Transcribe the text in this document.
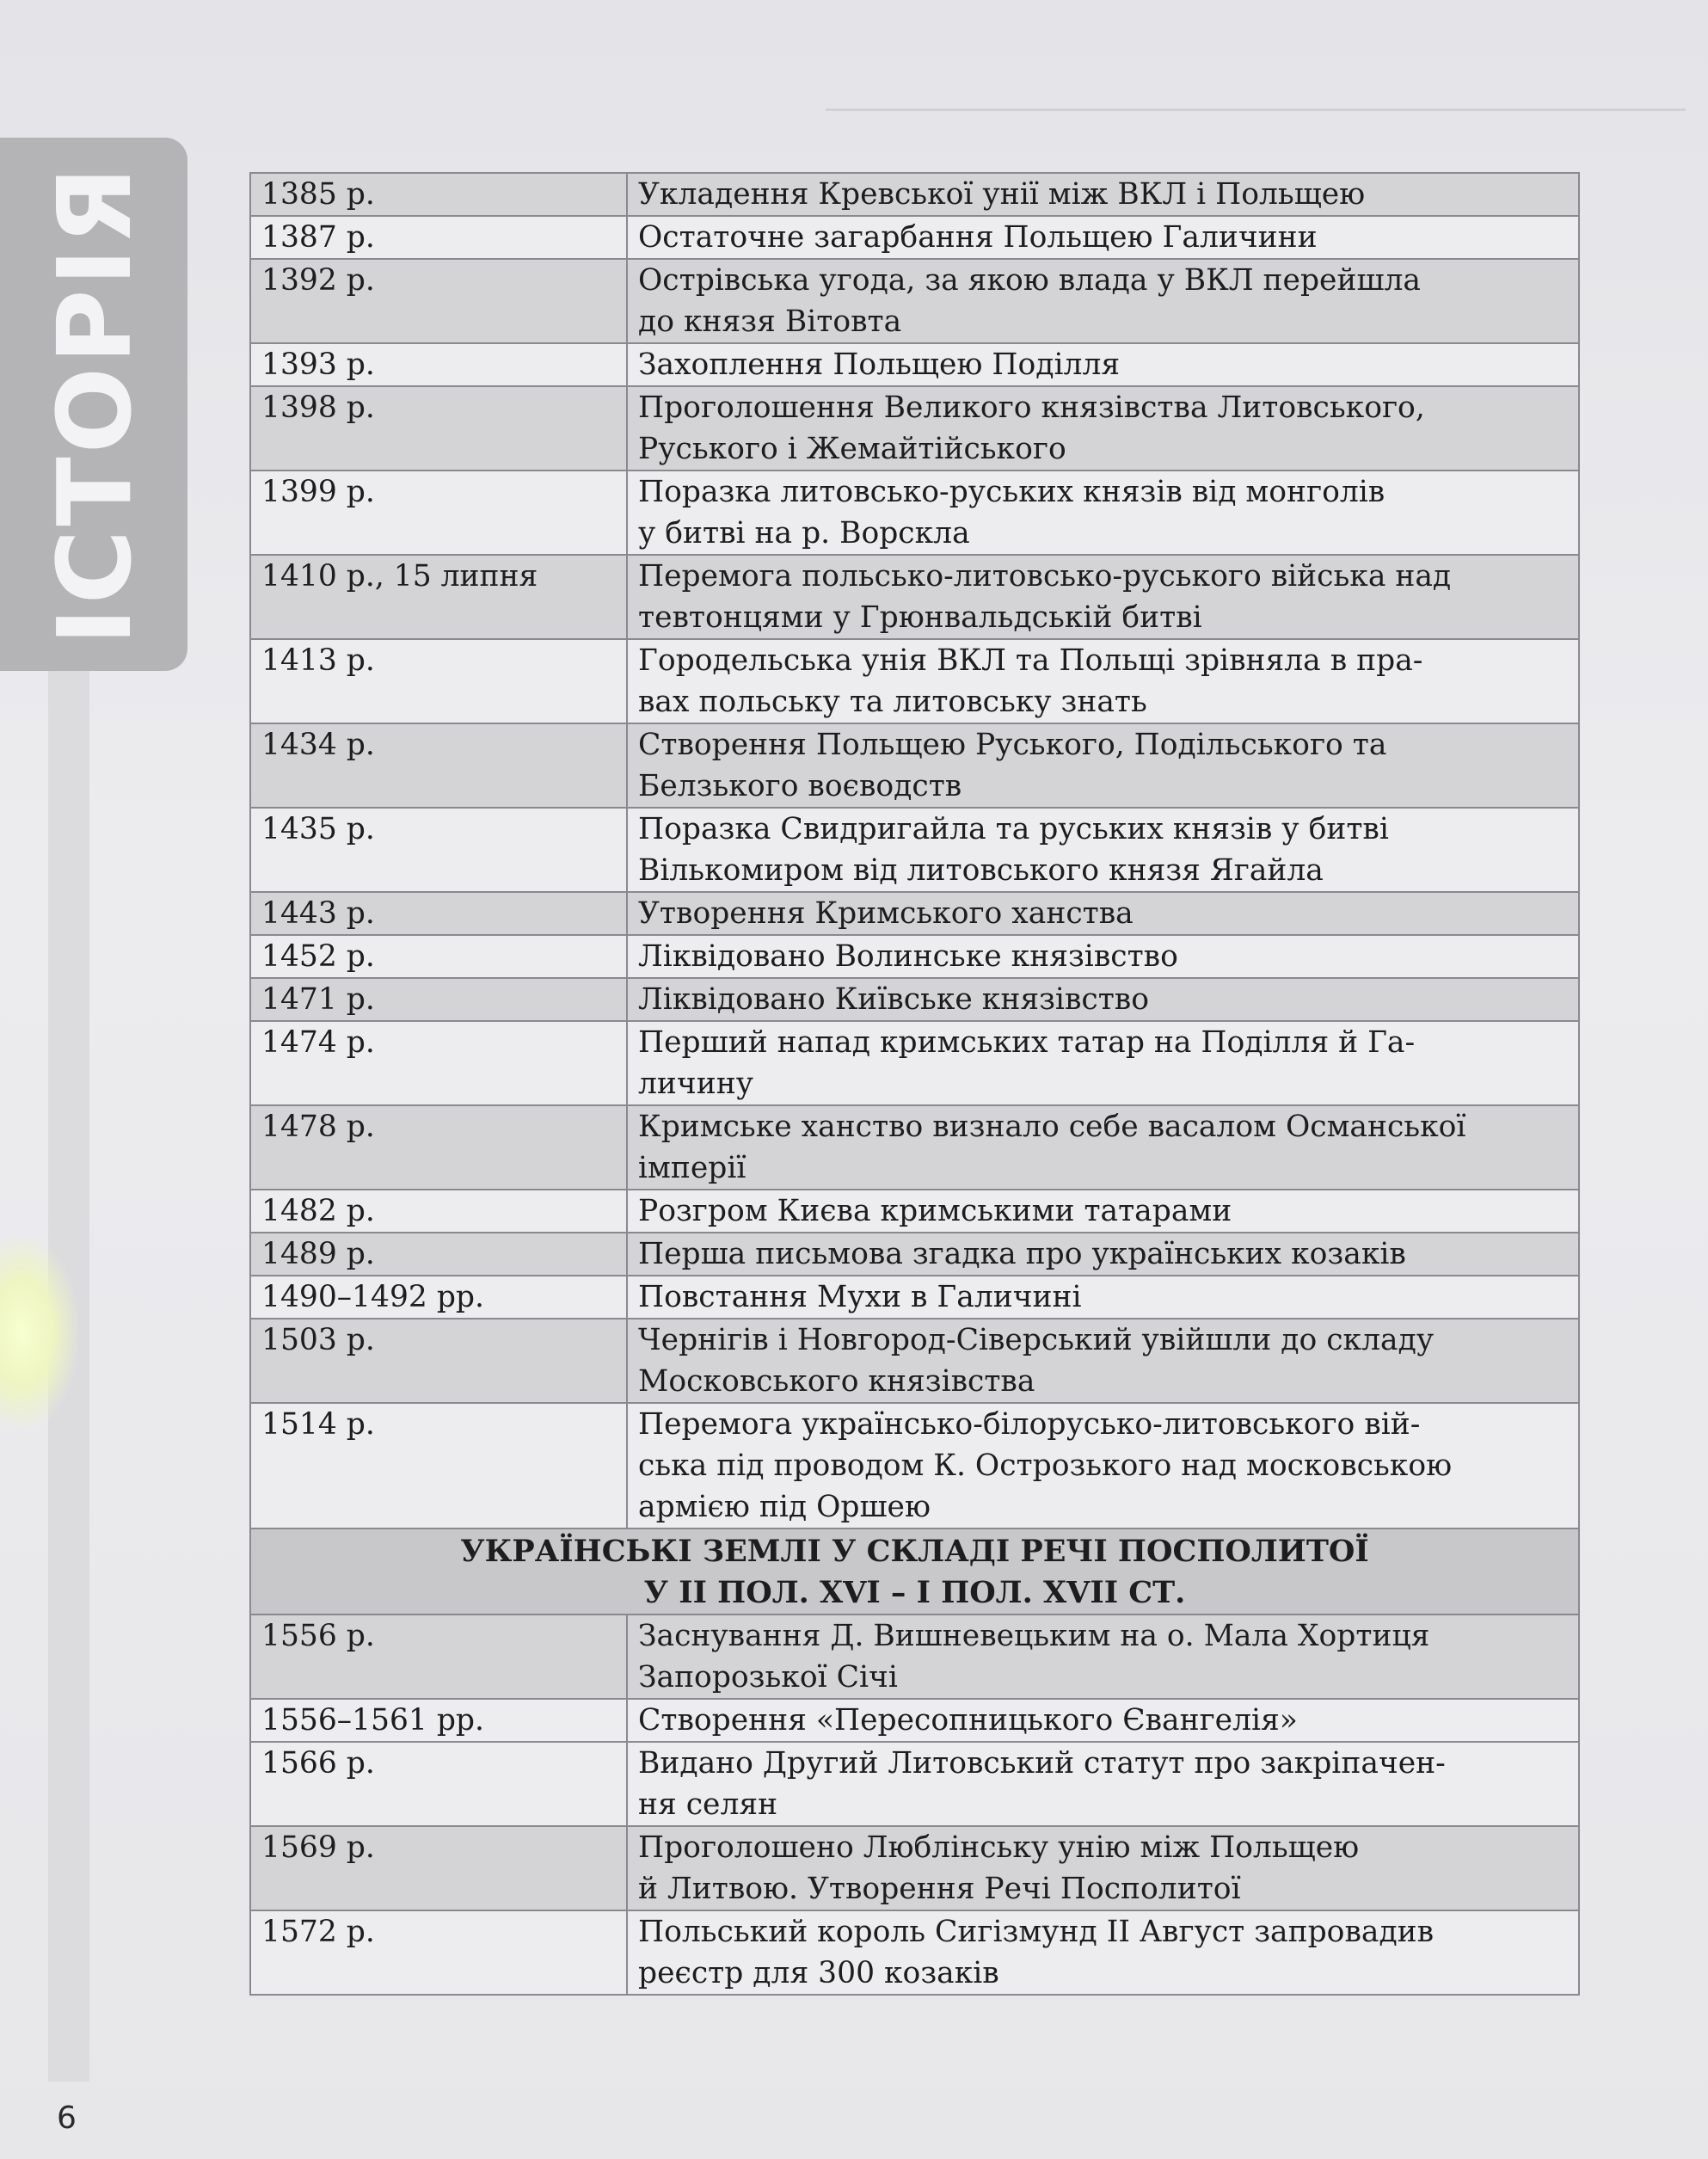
ІСТОРІЯ	1385 р.	Укладення Кревської унії між ВКЛ і Польщею

1387 р.	Остаточне загарбання Польщею Галичини

1392 р.	Острівська угода, за якою влада у ВКЛ перейшла
до князя Вітовта

1393 р.	Захоплення Польщею Поділля

1398 р.	Проголошення Великого князівства Литовського,
Руського і Жемайтійського

1399 р.	Поразка литовсько-руських князів від монголів
у битві на р. Ворскла

1410 р., 15 липня	Перемога польсько-литовсько-руського війська над
тевтонцями у Грюнвальдській битві

1413 р.	Городельська унія ВКЛ та Польщі зрівняла в пра-
вах польську та литовську знать

1434 р.	Створення Польщею Руського, Подільського та
Белзького воєводств

1435 р.	Поразка Свидригайла та руських князів у битві
Вількомиром від литовського князя Ягайла

1443 р.	Утворення Кримського ханства

1452 р.	Ліквідовано Волинське князівство

1471 р.	Ліквідовано Київське князівство

1474 р.	Перший напад кримських татар на Поділля й Га-
личину

1478 р.	Кримське ханство визнало себе васалом Османської
імперії

1482 р.	Розгром Києва кримськими татарами

1489 р.	Перша письмова згадка про українських козаків

1490–1492 рр.	Повстання Мухи в Галичині

1503 р.	Чернігів і Новгород-Сіверський увійшли до складу
Московського князівства

1514 р.	Перемога українсько-білорусько-литовського вій-
ська під проводом К. Острозького над московською
армією під Оршею

УКРАЇНСЬКІ ЗЕМЛІ У СКЛАДІ РЕЧІ ПОСПОЛИТОЇ
У ІІ ПОЛ. XVI – І ПОЛ. XVII СТ.	

1556 р.	Заснування Д. Вишневецьким на о. Мала Хортиця
Запорозької Січі

1556–1561 рр.	Створення «Пересопницького Євангелія»

1566 р.	Видано Другий Литовський статут про закріпачен-
ня селян

1569 р.	Проголошено Люблінську унію між Польщею
й Литвою. Утворення Речі Посполитої

1572 р.	Польський король Сигізмунд ІІ Август запровадив
реєстр для 300 козаків
6
